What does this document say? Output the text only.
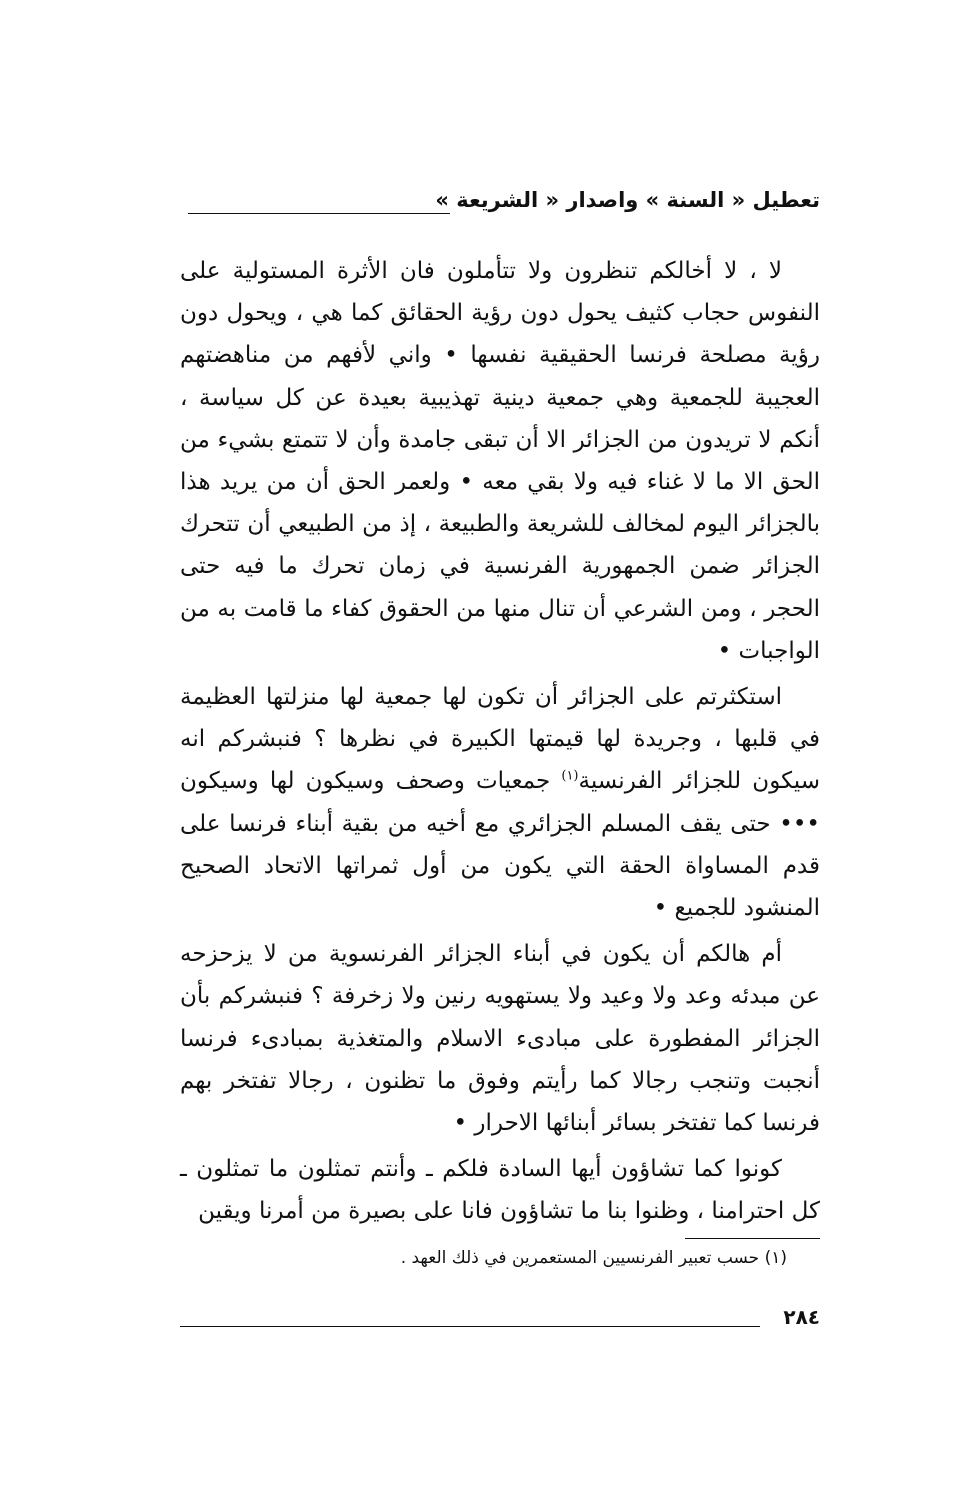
تعطيل « السنة » واصدار « الشريعة »

لا ، لا أخالكم تنظرون ولا تتأملون فان الأثرة المستولية على النفوس حجاب كثيف يحول دون رؤية الحقائق كما هي ، ويحول دون رؤية مصلحة فرنسا الحقيقية نفسها • واني لأفهم من مناهضتهم العجيبة للجمعية وهي جمعية دينية تهذيبية بعيدة عن كل سياسة ، أنكم لا تريدون من الجزائر الا أن تبقى جامدة وأن لا تتمتع بشيء من الحق الا ما لا غناء فيه ولا بقي معه • ولعمر الحق أن من يريد هذا بالجزائر اليوم لمخالف للشريعة والطبيعة ، إذ من الطبيعي أن تتحرك الجزائر ضمن الجمهورية الفرنسية في زمان تحرك ما فيه حتى الحجر ، ومن الشرعي أن تنال منها من الحقوق كفاء ما قامت به من الواجبات •

استكثرتم على الجزائر أن تكون لها جمعية لها منزلتها العظيمة في قلبها ، وجريدة لها قيمتها الكبيرة في نظرها ؟ فنبشركم انه سيكون للجزائر الفرنسية$^{(١)}$ جمعيات وصحف وسيكون لها وسيكون ••• حتى يقف المسلم الجزائري مع أخيه من بقية أبناء فرنسا على قدم المساواة الحقة التي يكون من أول ثمراتها الاتحاد الصحيح المنشود للجميع •

أم هالكم أن يكون في أبناء الجزائر الفرنسوية من لا يزحزحه عن مبدئه وعد ولا وعيد ولا يستهويه رنين ولا زخرفة ؟ فنبشركم بأن الجزائر المفطورة على مبادىء الاسلام والمتغذية بمبادىء فرنسا أنجبت وتنجب رجالا كما رأيتم وفوق ما تظنون ، رجالا تفتخر بهم فرنسا كما تفتخر بسائر أبنائها الاحرار •

كونوا كما تشاؤون أيها السادة فلكم ـ وأنتم تمثلون ما تمثلون ـ كل احترامنا ، وظنوا بنا ما تشاؤون فانا على بصيرة من أمرنا ويقين

(١) حسب تعبير الفرنسيين المستعمرين في ذلك العهد .
٢٨٤
